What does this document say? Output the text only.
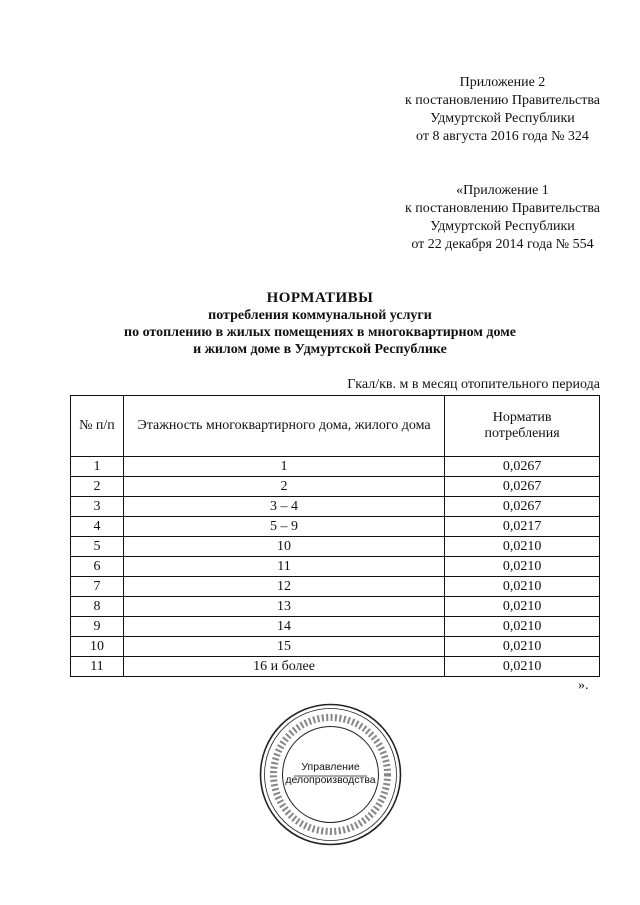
Приложение 2
к постановлению Правительства
Удмуртской Республики
от 8 августа 2016 года № 324
«Приложение 1
к постановлению Правительства
Удмуртской Республики
от 22 декабря 2014 года № 554
НОРМАТИВЫ
потребления коммунальной услуги
по отоплению в жилых помещениях в многоквартирном доме
и жилом доме в Удмуртской Республике
Гкал/кв. м в месяц отопительного периода
№ п/п	Этажность многоквартирного дома, жилого дома	Норматив
потребления
1	1	0,0267
2	2	0,0267
3	3 – 4	0,0267
4	5 – 9	0,0217
5	10	0,0210
6	11	0,0210
7	12	0,0210
8	13	0,0210
9	14	0,0210
10	15	0,0210
11	16 и более	0,0210
».
Управление
делопроизводства
